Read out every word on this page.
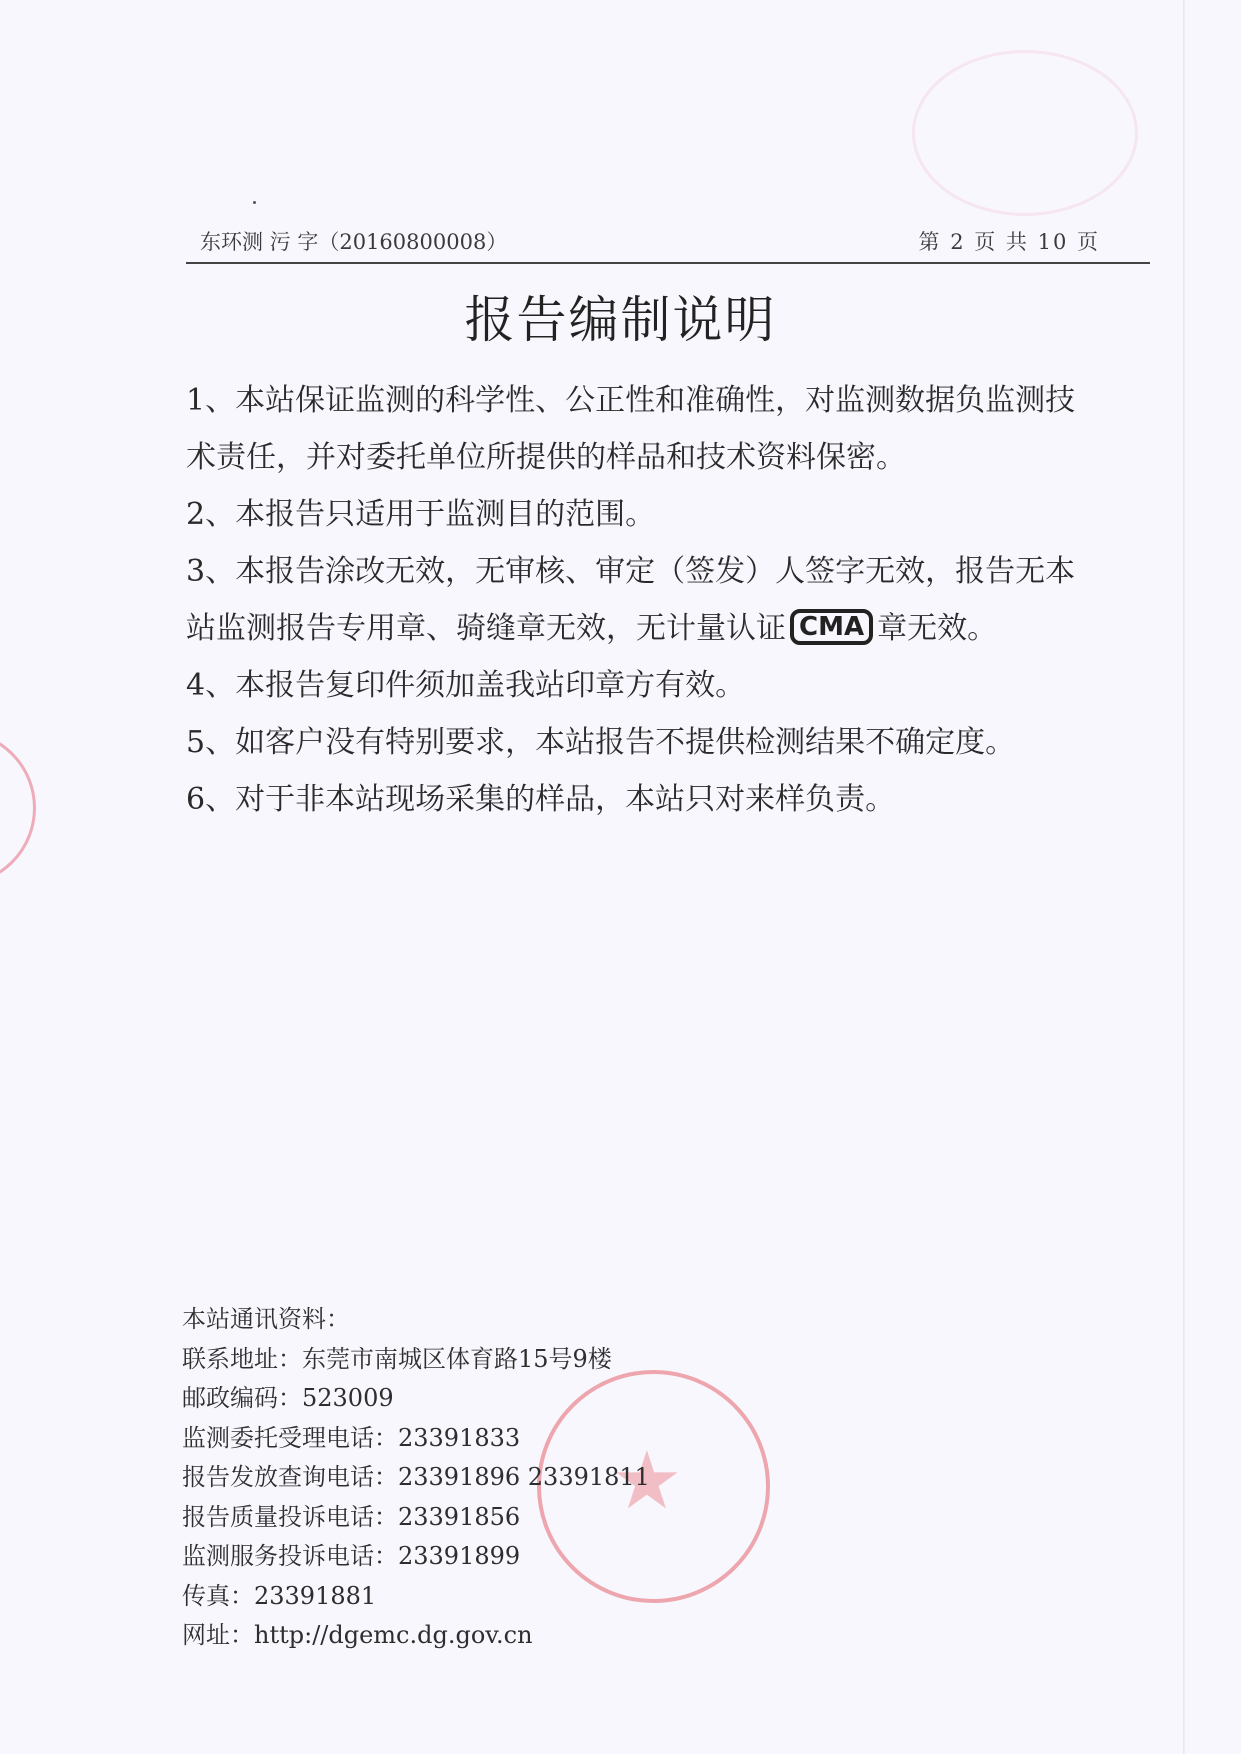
东环测 污 字（20160800008）	第 2 页 共 10 页
报告编制说明

1、本站保证监测的科学性、公正性和准确性，对监测数据负监测技术责任，并对委托单位所提供的样品和技术资料保密。

2、本报告只适用于监测目的范围。

3、本报告涂改无效，无审核、审定（签发）人签字无效，报告无本站监测报告专用章、骑缝章无效，无计量认证 CMA 章无效。

4、本报告复印件须加盖我站印章方有效。

5、如客户没有特别要求，本站报告不提供检测结果不确定度。

6、对于非本站现场采集的样品，本站只对来样负责。

★
本站通讯资料：
联系地址：东莞市南城区体育路15号9楼
邮政编码：523009
监测委托受理电话：23391833
报告发放查询电话：23391896 23391811
报告质量投诉电话：23391856
监测服务投诉电话：23391899
传真：23391881
网址：http://dgemc.dg.gov.cn
